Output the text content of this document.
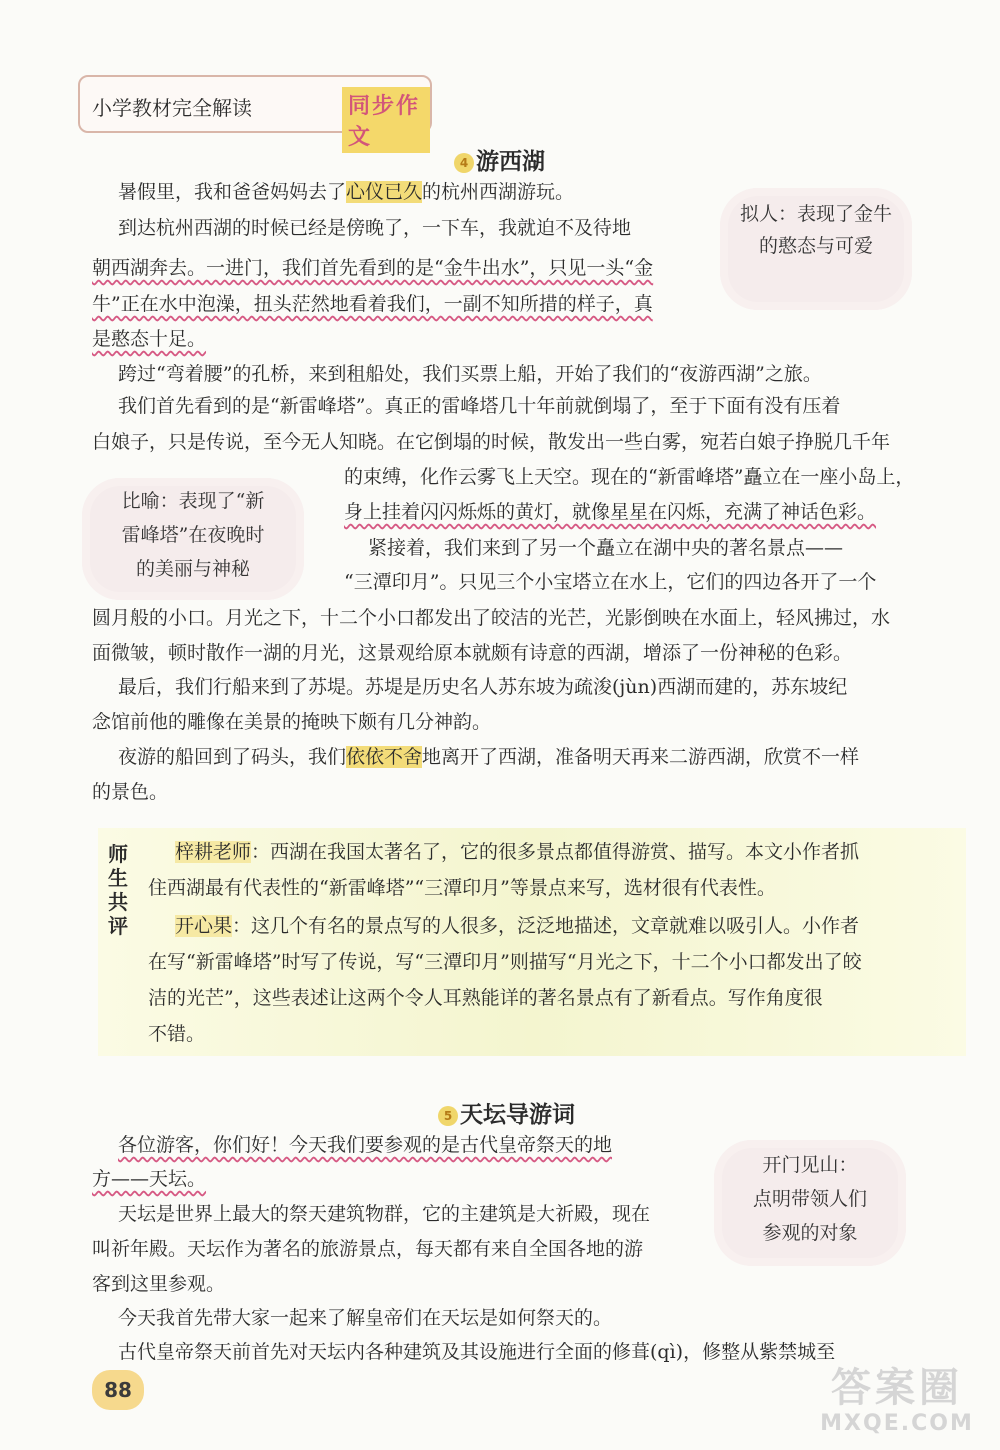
小学教材完全解读	同步作文
4 游西湖
暑假里，我和爸爸妈妈去了心仪已久的杭州西湖游玩。
到达杭州西湖的时候已经是傍晚了，一下车，我就迫不及待地
朝西湖奔去。一进门，我们首先看到的是“金牛出水”，只见一头“金
牛”正在水中泡澡，扭头茫然地看着我们，一副不知所措的样子，真
是憨态十足。
拟人：表现了金牛
的憨态与可爱
跨过“弯着腰”的孔桥，来到租船处，我们买票上船，开始了我们的“夜游西湖”之旅。
我们首先看到的是“新雷峰塔”。真正的雷峰塔几十年前就倒塌了，至于下面有没有压着
白娘子，只是传说，至今无人知晓。在它倒塌的时候，散发出一些白雾，宛若白娘子挣脱几千年
的束缚，化作云雾飞上天空。现在的“新雷峰塔”矗立在一座小岛上，
身上挂着闪闪烁烁的黄灯，就像星星在闪烁，充满了神话色彩。
比喻：表现了“新
雷峰塔”在夜晚时
的美丽与神秘
紧接着，我们来到了另一个矗立在湖中央的著名景点——
“三潭印月”。只见三个小宝塔立在水上，它们的四边各开了一个
圆月般的小口。月光之下，十二个小口都发出了皎洁的光芒，光影倒映在水面上，轻风拂过，水
面微皱，顿时散作一湖的月光，这景观给原本就颇有诗意的西湖，增添了一份神秘的色彩。
最后，我们行船来到了苏堤。苏堤是历史名人苏东坡为疏浚(jùn)西湖而建的，苏东坡纪
念馆前他的雕像在美景的掩映下颇有几分神韵。
夜游的船回到了码头，我们依依不舍地离开了西湖，准备明天再来二游西湖，欣赏不一样
的景色。
师
生
共
评
梓耕老师：西湖在我国太著名了，它的很多景点都值得游赏、描写。本文小作者抓
住西湖最有代表性的“新雷峰塔”“三潭印月”等景点来写，选材很有代表性。
开心果：这几个有名的景点写的人很多，泛泛地描述，文章就难以吸引人。小作者
在写“新雷峰塔”时写了传说，写“三潭印月”则描写“月光之下，十二个小口都发出了皎
洁的光芒”，这些表述让这两个令人耳熟能详的著名景点有了新看点。写作角度很
不错。
5 天坛导游词
各位游客，你们好！今天我们要参观的是古代皇帝祭天的地
方——天坛。
天坛是世界上最大的祭天建筑物群，它的主建筑是大祈殿，现在
叫祈年殿。天坛作为著名的旅游景点，每天都有来自全国各地的游
客到这里参观。
开门见山：
点明带领人们
参观的对象
今天我首先带大家一起来了解皇帝们在天坛是如何祭天的。
古代皇帝祭天前首先对天坛内各种建筑及其设施进行全面的修葺(qì)，修整从紫禁城至
88	答案圈
MXQE.COM
